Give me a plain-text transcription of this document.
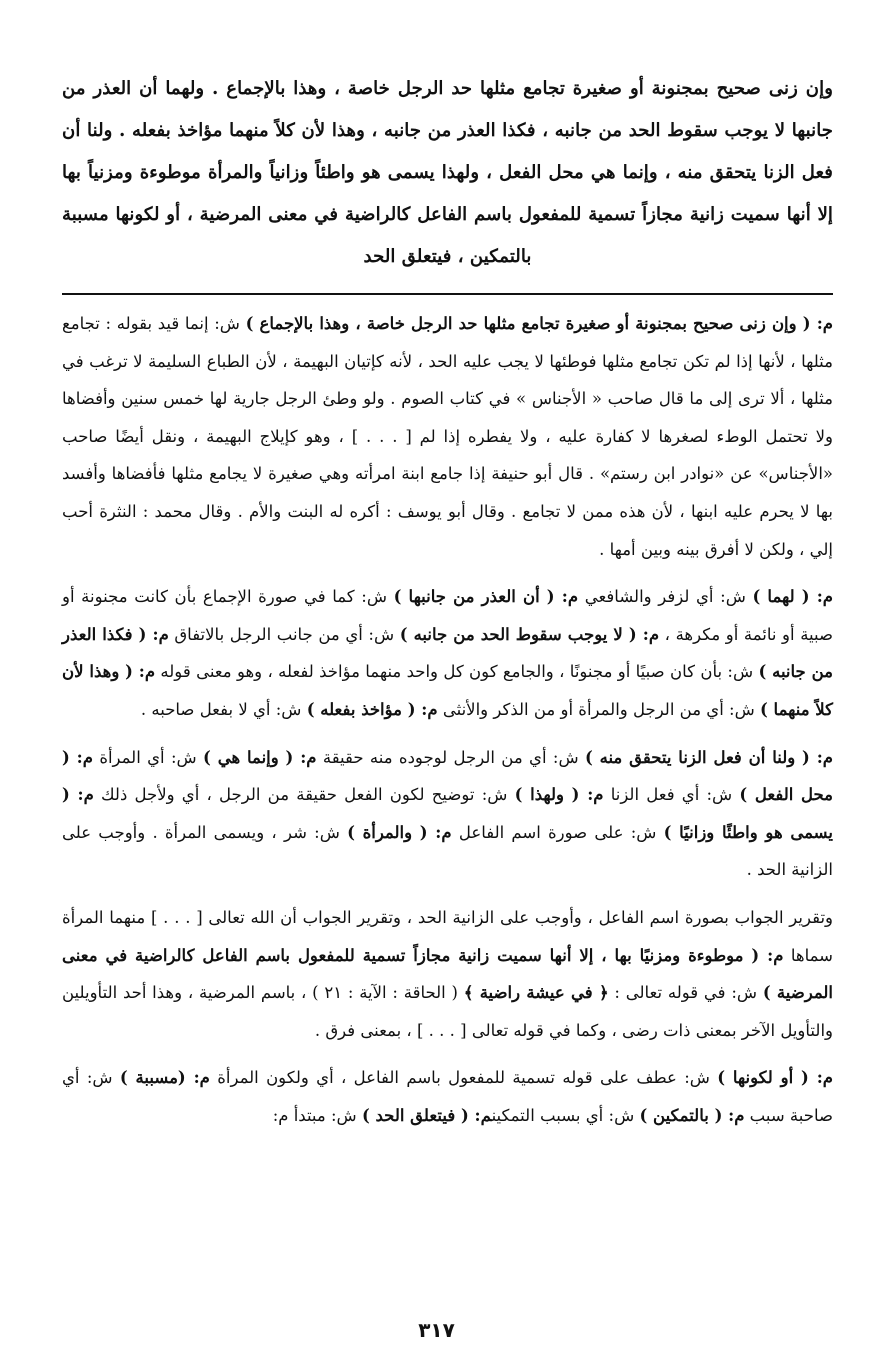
وإن زنى صحيح بمجنونة أو صغيرة تجامع مثلها حد الرجل خاصة ، وهذا بالإجماع . ولهما أن العذر من جانبها لا يوجب سقوط الحد من جانبه ، فكذا العذر من جانبه ، وهذا لأن كلاً منهما مؤاخذ بفعله . ولنا أن فعل الزنا يتحقق منه ، وإنما هي محل الفعل ، ولهذا يسمى هو واطئاً وزانياً والمرأة موطوءة ومزنياً بها إلا أنها سميت زانية مجازاً تسمية للمفعول باسم الفاعل كالراضية في معنى المرضية ، أو لكونها مسببة بالتمكين ، فيتعلق الحد

م: ( وإن زنى صحيح بمجنونة أو صغيرة تجامع مثلها حد الرجل خاصة ، وهذا بالإجماع ) ش: إنما قيد بقوله : تجامع مثلها ، لأنها إذا لم تكن تجامع مثلها فوطئها لا يجب عليه الحد ، لأنه كإتيان البهيمة ، لأن الطباع السليمة لا ترغب في مثلها ، ألا ترى إلى ما قال صاحب « الأجناس » في كتاب الصوم . ولو وطئ الرجل جارية لها خمس سنين وأفضاها ولا تحتمل الوطء لصغرها لا كفارة عليه ، ولا يفطره إذا لم [ . . . ] ، وهو كإيلاج البهيمة ، ونقل أيضًا صاحب «الأجناس» عن «نوادر ابن رستم» . قال أبو حنيفة إذا جامع ابنة امرأته وهي صغيرة لا يجامع مثلها فأفضاها وأفسد بها لا يحرم عليه ابنها ، لأن هذه ممن لا تجامع . وقال أبو يوسف : أكره له البنت والأم . وقال محمد : النثرة أحب إلي ، ولكن لا أفرق بينه وبين أمها .

م: ( لهما ) ش: أي لزفر والشافعي م: ( أن العذر من جانبها ) ش: كما في صورة الإجماع بأن كانت مجنونة أو صبية أو نائمة أو مكرهة ، م: ( لا يوجب سقوط الحد من جانبه ) ش: أي من جانب الرجل بالاتفاق م: ( فكذا العذر من جانبه ) ش: بأن كان صبيًا أو مجنونًا ، والجامع كون كل واحد منهما مؤاخذ لفعله ، وهو معنى قوله م: ( وهذا لأن كلاً منهما ) ش: أي من الرجل والمرأة أو من الذكر والأنثى م: ( مؤاخذ بفعله ) ش: أي لا بفعل صاحبه .

م: ( ولنا أن فعل الزنا يتحقق منه ) ش: أي من الرجل لوجوده منه حقيقة م: ( وإنما هي ) ش: أي المرأة م: ( محل الفعل ) ش: أي فعل الزنا م: ( ولهذا ) ش: توضيح لكون الفعل حقيقة من الرجل ، أي ولأجل ذلك م: ( يسمى هو واطئًا وزانيًا ) ش: على صورة اسم الفاعل م: ( والمرأة ) ش: شر ، ويسمى المرأة . وأوجب على الزانية الحد .

وتقرير الجواب بصورة اسم الفاعل ، وأوجب على الزانية الحد ، وتقرير الجواب أن الله تعالى [ . . . ] منهما المرأة سماها م: ( موطوءة ومزنيًا بها ، إلا أنها سميت زانية مجازاً تسمية للمفعول باسم الفاعل كالراضية في معنى المرضية ) ش: في قوله تعالى : ﴿ في عيشة راضية ﴾ ( الحاقة : الآية : ٢١ ) ، باسم المرضية ، وهذا أحد التأويلين والتأويل الآخر بمعنى ذات رضى ، وكما في قوله تعالى [ . . . ] ، بمعنى فرق .

م: ( أو لكونها ) ش: عطف على قوله تسمية للمفعول باسم الفاعل ، أي ولكون المرأة م: (مسببة ) ش: أي صاحبة سبب م: ( بالتمكين ) ش: أي بسبب التمكينم: ( فيتعلق الحد ) ش: مبتدأ م:

٣١٧
